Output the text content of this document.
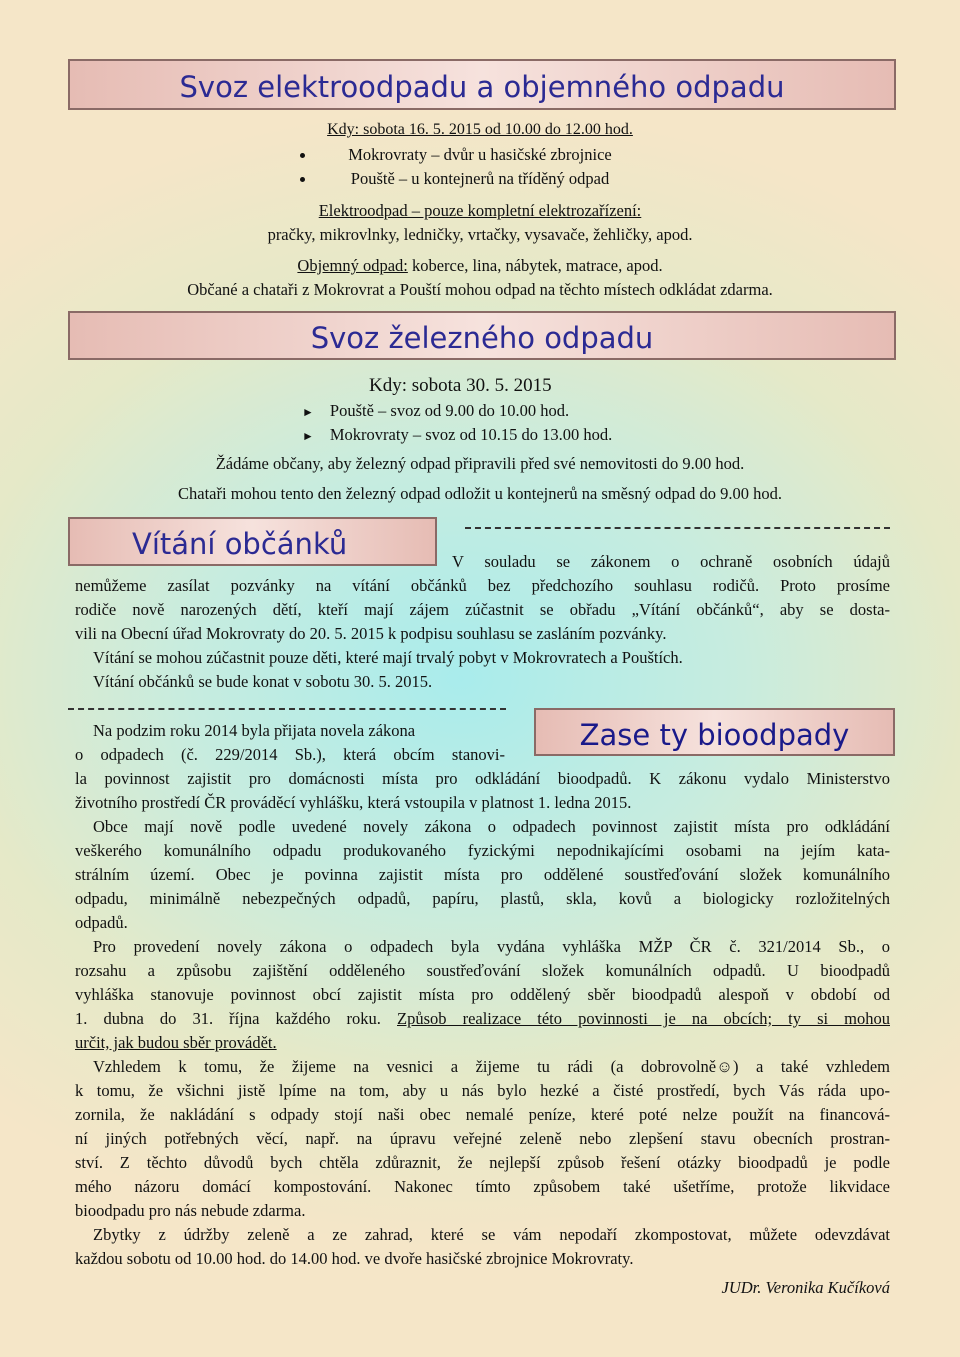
Svoz elektroodpadu a objemného odpadu
Kdy: sobota 16. 5. 2015 od 10.00 do 12.00 hod.
Mokrovraty – dvůr u hasičské zbrojnice
Pouště – u kontejnerů na tříděný odpad
Elektroodpad – pouze kompletní elektrozařízení:
pračky, mikrovlnky, ledničky, vrtačky, vysavače, žehličky, apod.
Objemný odpad: koberce, lina, nábytek, matrace, apod.
Občané a chataři z Mokrovrat a Pouští mohou odpad na těchto místech odkládat zdarma.
Svoz železného odpadu
Kdy: sobota 30. 5. 2015
► Pouště – svoz od 9.00 do 10.00 hod.
► Mokrovraty – svoz od 10.15 do 13.00 hod.
Žádáme občany, aby železný odpad připravili před své nemovitosti do 9.00 hod.
Chataři mohou tento den železný odpad odložit u kontejnerů na směsný odpad do 9.00 hod.
Vítání občánků
V souladu se zákonem o ochraně osobních údajů
nemůžeme zasílat pozvánky na vítání občánků bez předchozího souhlasu rodičů. Proto prosíme
rodiče nově narozených dětí, kteří mají zájem zúčastnit se obřadu „Vítání občánků“, aby se dosta-
vili na Obecní úřad Mokrovraty do 20. 5. 2015 k podpisu souhlasu se zasláním pozvánky.
Vítání se mohou zúčastnit pouze děti, které mají trvalý pobyt v Mokrovratech a Pouštích.
Vítání občánků se bude konat v sobotu 30. 5. 2015.
Zase ty bioodpady
Na podzim roku 2014 byla přijata novela zákona
o odpadech (č. 229/2014 Sb.), která obcím stanovi-
la povinnost zajistit pro domácnosti místa pro odkládání bioodpadů. K zákonu vydalo Ministerstvo
životního prostředí ČR prováděcí vyhlášku, která vstoupila v platnost 1. ledna 2015.
Obce mají nově podle uvedené novely zákona o odpadech povinnost zajistit místa pro odkládání
veškerého komunálního odpadu produkovaného fyzickými nepodnikajícími osobami na jejím kata-
strálním území. Obec je povinna zajistit místa pro oddělené soustřeďování složek komunálního
odpadu, minimálně nebezpečných odpadů, papíru, plastů, skla, kovů a biologicky rozložitelných
odpadů.
Pro provedení novely zákona o odpadech byla vydána vyhláška MŽP ČR č. 321/2014 Sb., o
rozsahu a způsobu zajištění odděleného soustřeďování složek komunálních odpadů. U bioodpadů
vyhláška stanovuje povinnost obcí zajistit místa pro oddělený sběr bioodpadů alespoň v období od
1. dubna do 31. října každého roku. Způsob realizace této povinnosti je na obcích; ty si mohou
určit, jak budou sběr provádět.
Vzhledem k tomu, že žijeme na vesnici a žijeme tu rádi (a dobrovolně☺) a také vzhledem
k tomu, že všichni jistě lpíme na tom, aby u nás bylo hezké a čisté prostředí, bych Vás ráda upo-
zornila, že nakládání s odpady stojí naši obec nemalé peníze, které poté nelze použít na financová-
ní jiných potřebných věcí, např. na úpravu veřejné zeleně nebo zlepšení stavu obecních prostran-
ství. Z těchto důvodů bych chtěla zdůraznit, že nejlepší způsob řešení otázky bioodpadů je podle
mého názoru domácí kompostování. Nakonec tímto způsobem také ušetříme, protože likvidace
bioodpadu pro nás nebude zdarma.
Zbytky z údržby zeleně a ze zahrad, které se vám nepodaří zkompostovat, můžete odevzdávat
každou sobotu od 10.00 hod. do 14.00 hod. ve dvoře hasičské zbrojnice Mokrovraty.
JUDr. Veronika Kučíková
